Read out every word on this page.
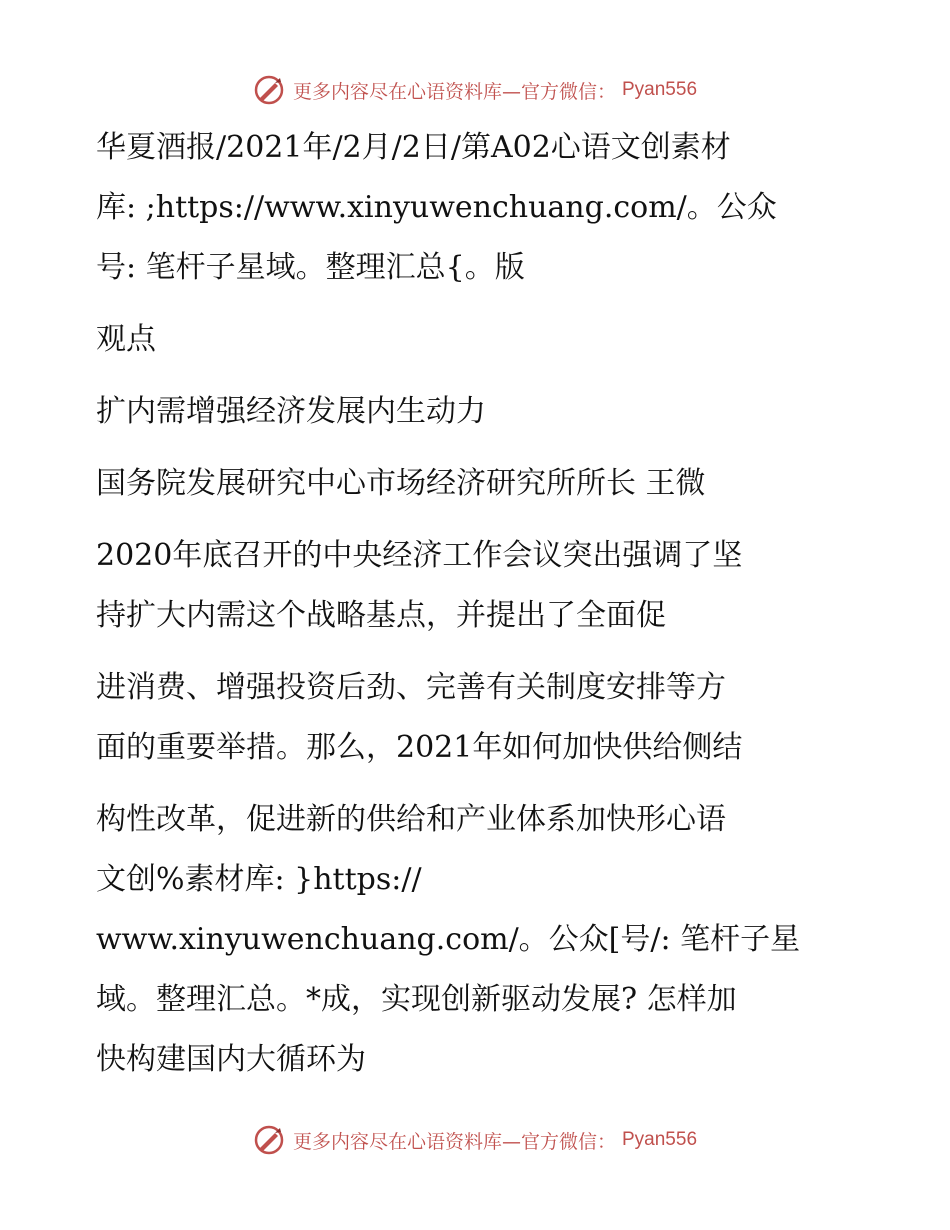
更多内容尽在心语资料库—官方微信： Pyan556
华夏酒报/2021年/2月/2日/第A02心语文创素材
库: ;https://www.xinyuwenchuang.com/。公众
号: 笔杆子星域。整理汇总{。版
观点
扩内需增强经济发展内生动力
国务院发展研究中心市场经济研究所所长 王微
2020年底召开的中央经济工作会议突出强调了坚
持扩大内需这个战略基点，并提出了全面促
进消费、增强投资后劲、完善有关制度安排等方
面的重要举措。那么，2021年如何加快供给侧结
构性改革，促进新的供给和产业体系加快形心语
文创%素材库: }https://
www.xinyuwenchuang.com/。公众[号/: 笔杆子星
域。整理汇总。*成，实现创新驱动发展? 怎样加
快构建国内大循环为
更多内容尽在心语资料库—官方微信： Pyan556
